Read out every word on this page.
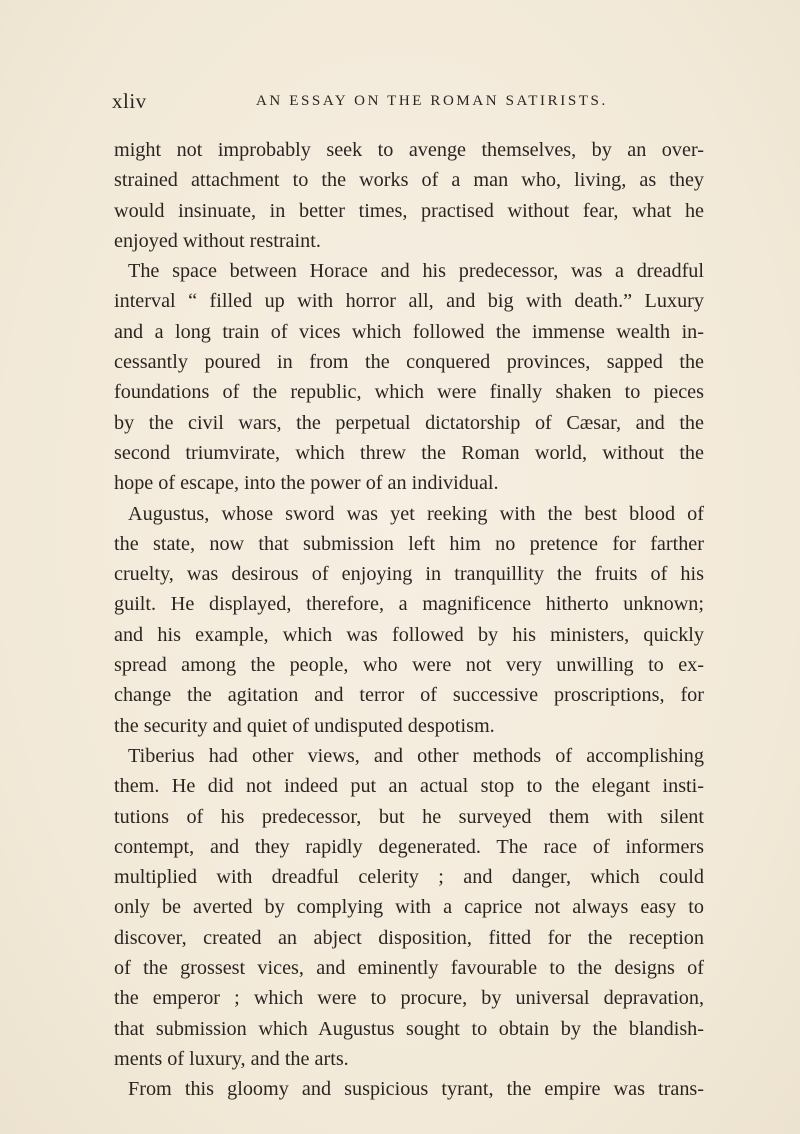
xliv	AN ESSAY ON THE ROMAN SATIRISTS.
might not improbably seek to avenge themselves, by an over-
strained attachment to the works of a man who, living, as they
would insinuate, in better times, practised without fear, what he
enjoyed without restraint.
The space between Horace and his predecessor, was a dreadful
interval “ filled up with horror all, and big with death.” Luxury
and a long train of vices which followed the immense wealth in-
cessantly poured in from the conquered provinces, sapped the
foundations of the republic, which were finally shaken to pieces
by the civil wars, the perpetual dictatorship of Cæsar, and the
second triumvirate, which threw the Roman world, without the
hope of escape, into the power of an individual.
Augustus, whose sword was yet reeking with the best blood of
the state, now that submission left him no pretence for farther
cruelty, was desirous of enjoying in tranquillity the fruits of his
guilt. He displayed, therefore, a magnificence hitherto unknown;
and his example, which was followed by his ministers, quickly
spread among the people, who were not very unwilling to ex-
change the agitation and terror of successive proscriptions, for
the security and quiet of undisputed despotism.
Tiberius had other views, and other methods of accomplishing
them. He did not indeed put an actual stop to the elegant insti-
tutions of his predecessor, but he surveyed them with silent
contempt, and they rapidly degenerated. The race of informers
multiplied with dreadful celerity ; and danger, which could
only be averted by complying with a caprice not always easy to
discover, created an abject disposition, fitted for the reception
of the grossest vices, and eminently favourable to the designs of
the emperor ; which were to procure, by universal depravation,
that submission which Augustus sought to obtain by the blandish-
ments of luxury, and the arts.
From this gloomy and suspicious tyrant, the empire was trans-
